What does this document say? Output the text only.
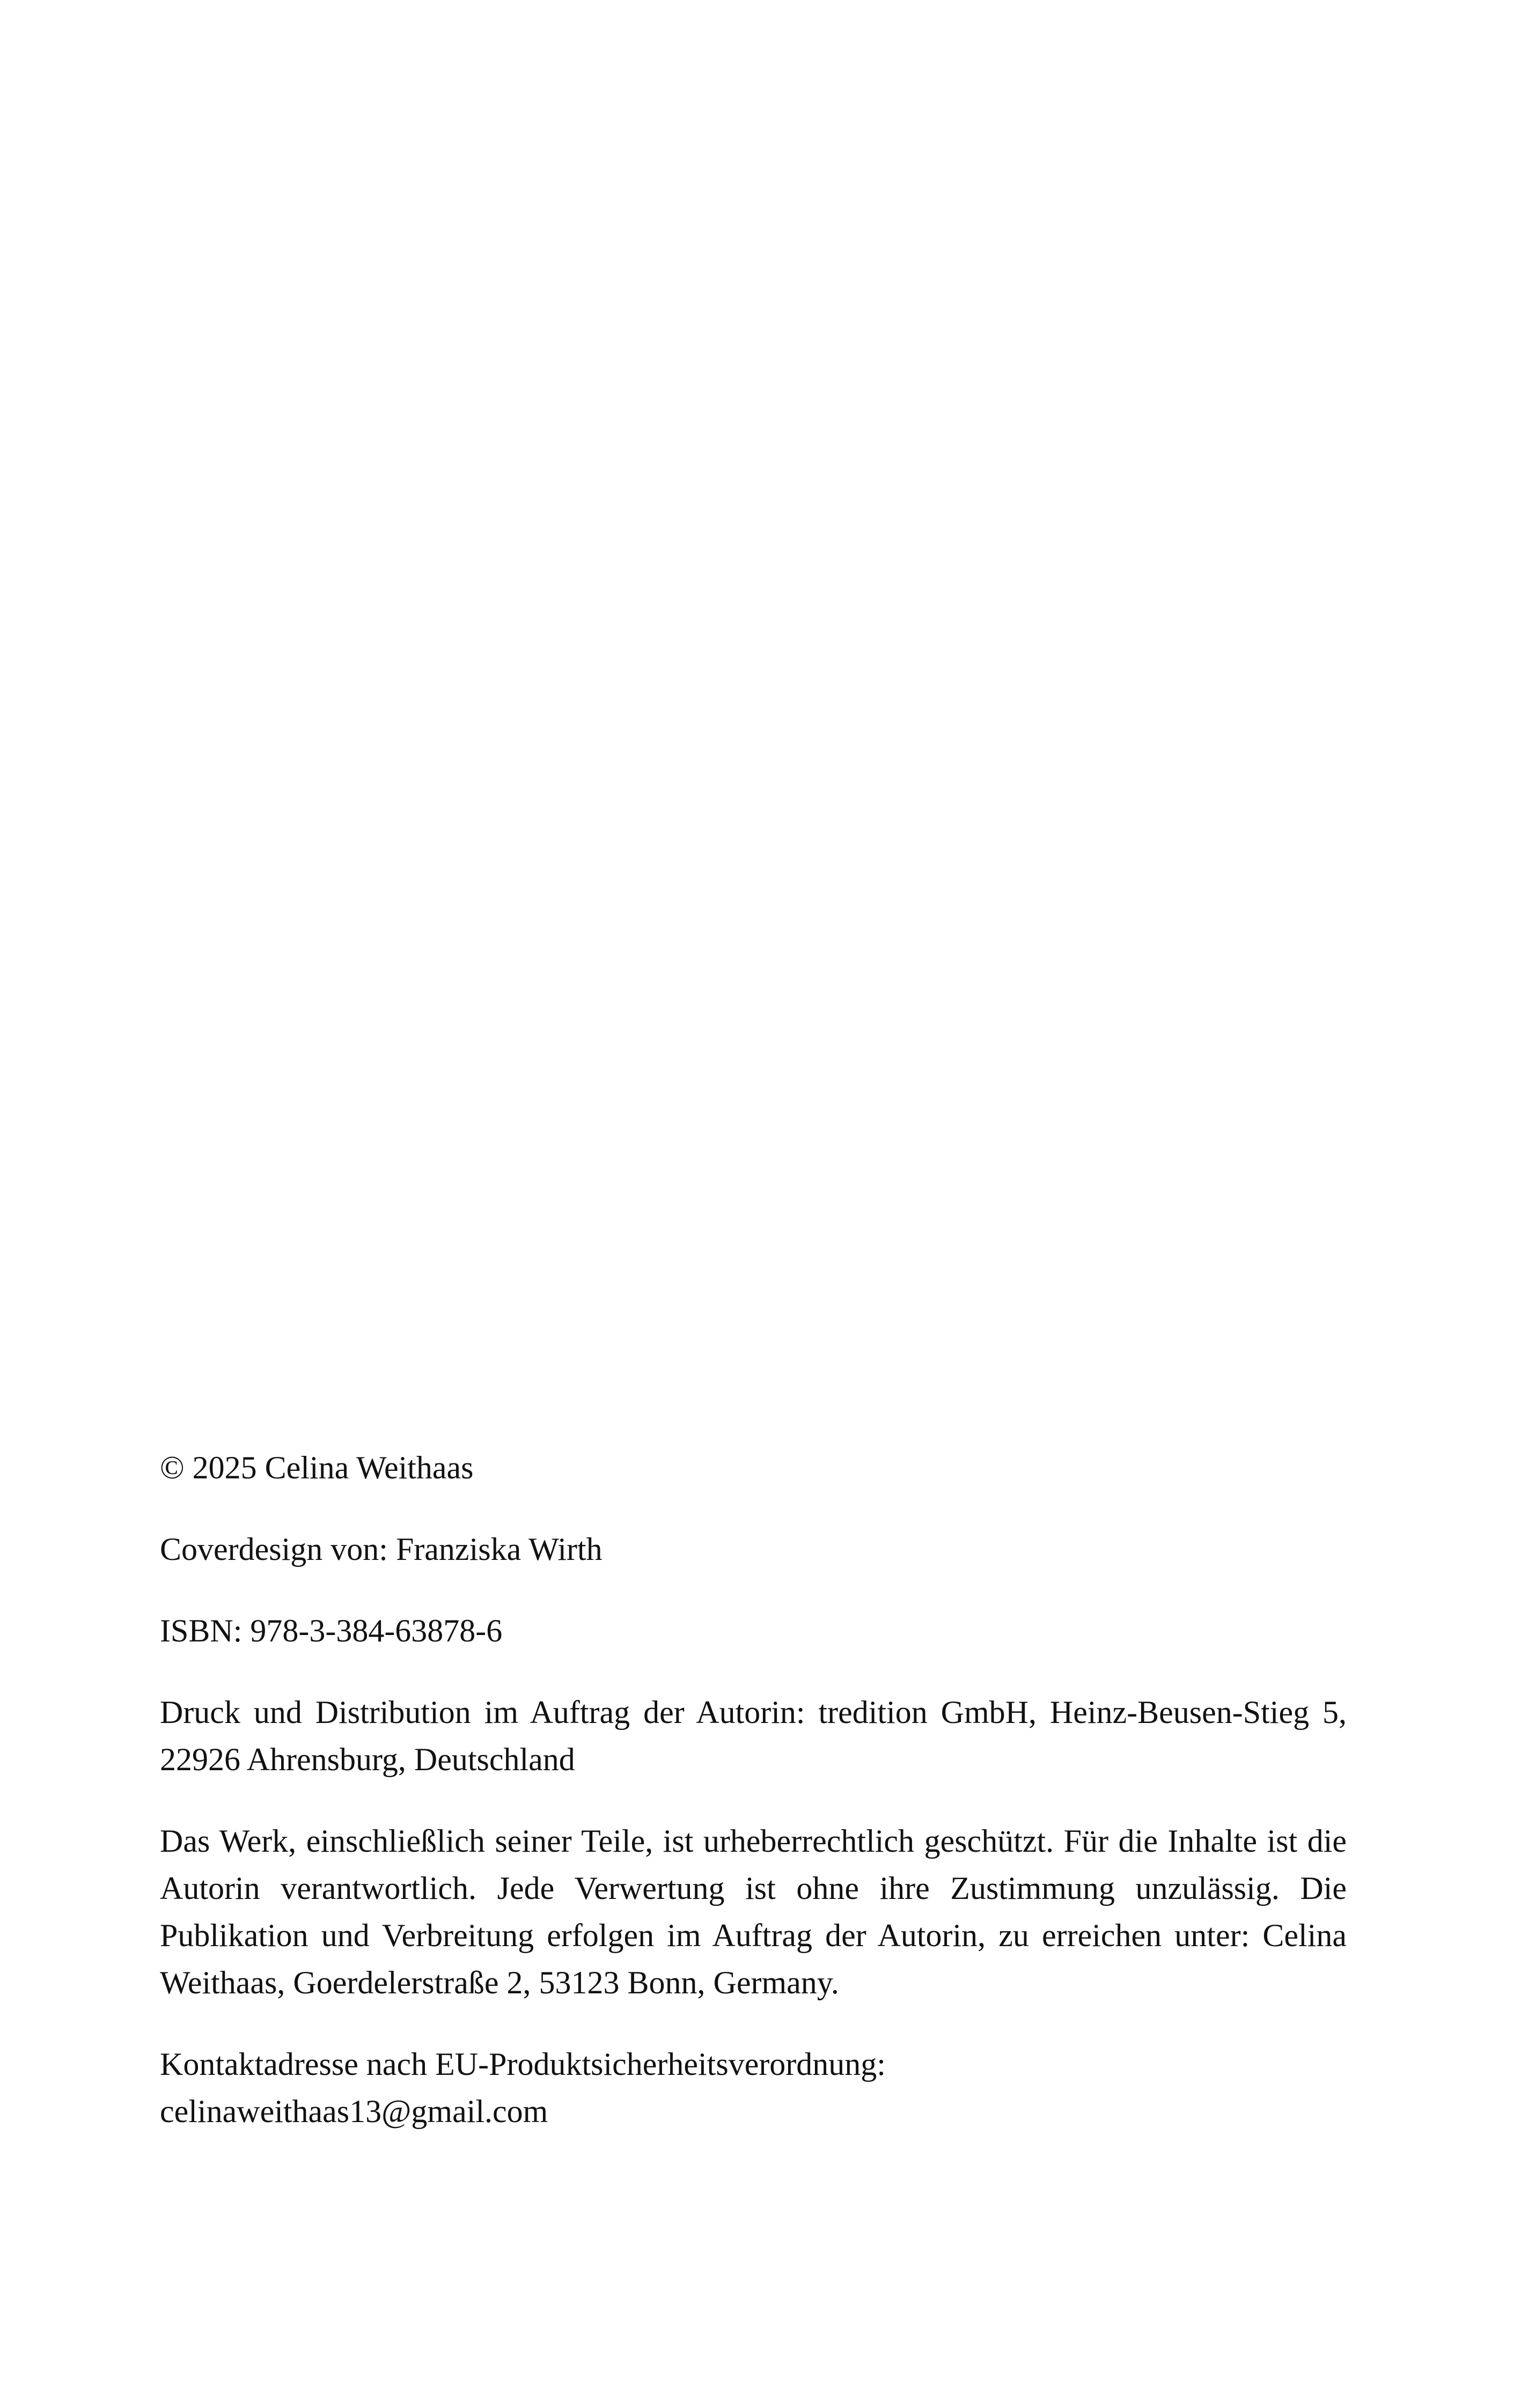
© 2025 Celina Weithaas

Coverdesign von: Franziska Wirth

ISBN: 978-3-384-63878-6

Druck und Distribution im Auftrag der Autorin: tredition GmbH, Heinz-Beusen-Stieg 5, 22926 Ahrensburg, Deutschland

Das Werk, einschließlich seiner Teile, ist urheberrechtlich geschützt. Für die Inhalte ist die Autorin verantwortlich. Jede Verwertung ist ohne ihre Zustimmung unzulässig. Die Publikation und Verbreitung erfolgen im Auftrag der Autorin, zu erreichen unter: Celina Weithaas, Goerdelerstraße 2, 53123 Bonn, Germany.

Kontaktadresse nach EU-Produktsicherheitsverordnung:
celinaweithaas13@gmail.com
